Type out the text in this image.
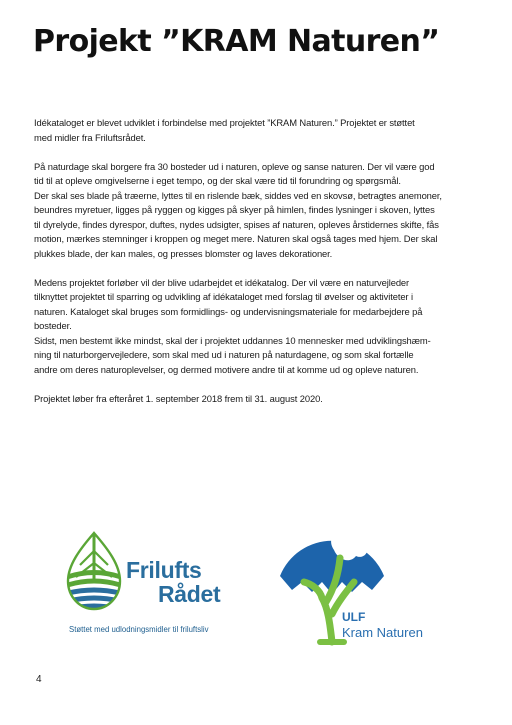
Projekt ”KRAM Naturen”

Idékataloget er blevet udviklet i forbindelse med projektet ”KRAM Naturen.” Projektet er støttet
med midler fra Friluftsrådet.

På naturdage skal borgere fra 30 bosteder ud i naturen, opleve og sanse naturen. Der vil være god
tid til at opleve omgivelserne i eget tempo, og der skal være tid til forundring og spørgsmål.
Der skal ses blade på træerne, lyttes til en rislende bæk, siddes ved en skovsø, betragtes anemoner,
beundres myretuer, ligges på ryggen og kigges på skyer på himlen, findes lysninger i skoven, lyttes
til dyrelyde, findes dyrespor, duftes, nydes udsigter, spises af naturen, opleves årstidernes skifte, fås
motion, mærkes stemninger i kroppen og meget mere. Naturen skal også tages med hjem. Der skal
plukkes blade, der kan males, og presses blomster og laves dekorationer.

Medens projektet forløber vil der blive udarbejdet et idékatalog. Der vil være en naturvejleder
tilknyttet projektet til sparring og udvikling af idékataloget med forslag til øvelser og aktiviteter i
naturen. Kataloget skal bruges som formidlings- og undervisningsmateriale for medarbejdere på
bosteder.
Sidst, men bestemt ikke mindst, skal der i projektet uddannes 10 mennesker med udviklingshæm-
ning til naturborgervejledere, som skal med ud i naturen på naturdagene, og som skal fortælle
andre om deres naturoplevelser, og dermed motivere andre til at komme ud og opleve naturen.

Projektet løber fra efteråret 1. september 2018 frem til 31. august 2020.

Frilufts
Rådet
Støttet med udlodningsmidler til friluftsliv
ULF
Kram Naturen
4
